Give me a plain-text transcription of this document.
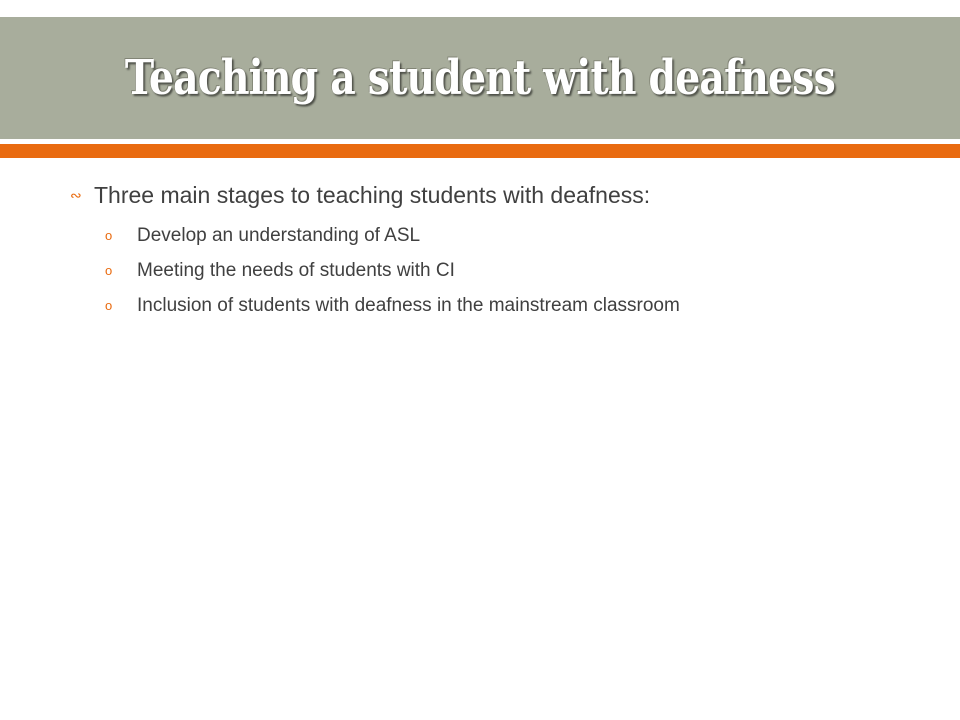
Teaching a student with deafness
∾ Three main stages to teaching students with deafness:
o	Develop an understanding of ASL
o	Meeting the needs of students with CI
o	Inclusion of students with deafness in the mainstream classroom
